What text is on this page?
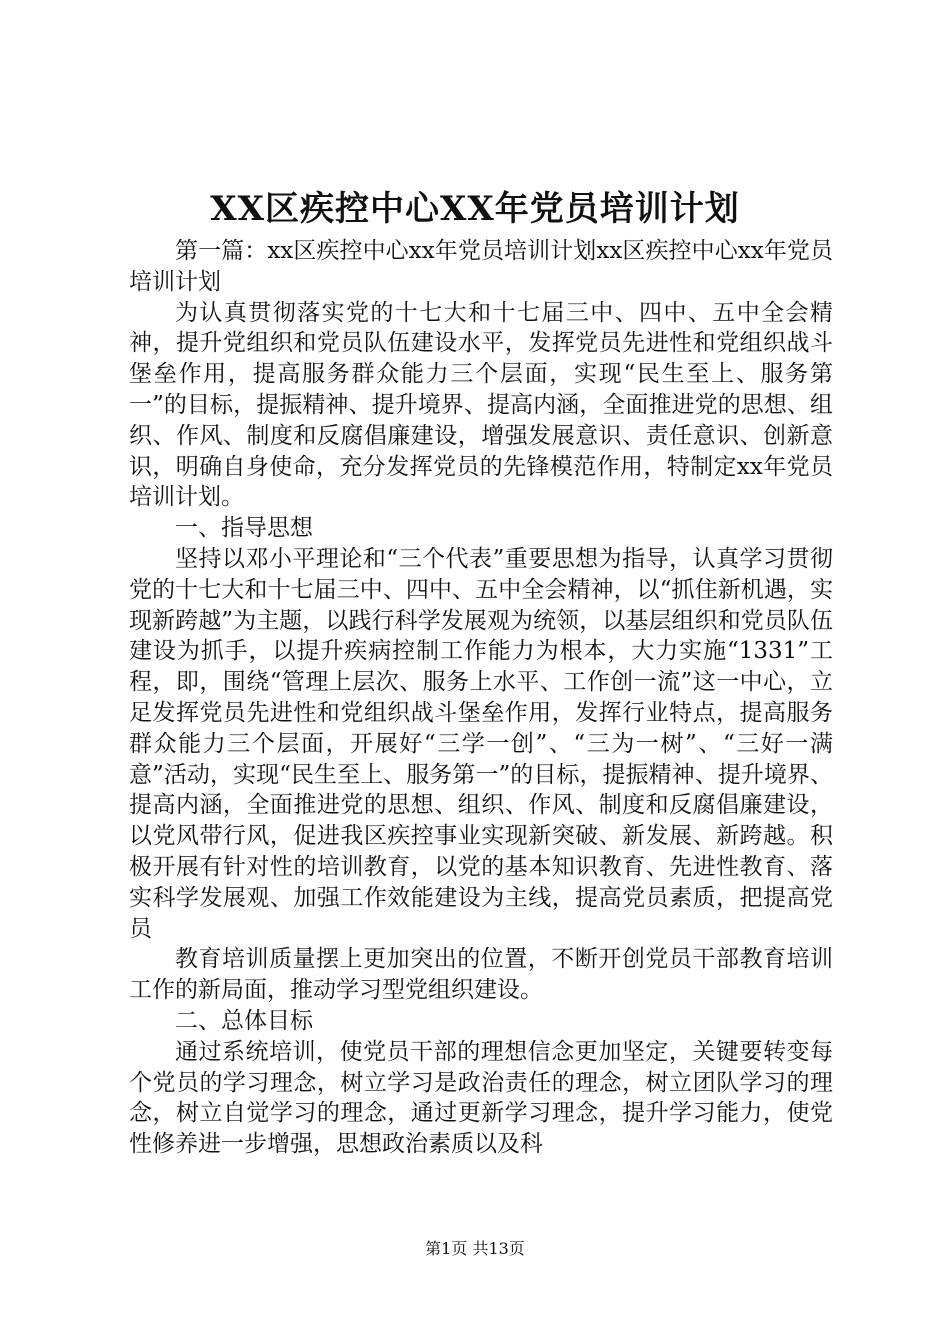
XX区疾控中心XX年党员培训计划

第一篇：xx区疾控中心xx年党员培训计划xx区疾控中心xx年党员培训计划

为认真贯彻落实党的十七大和十七届三中、四中、五中全会精神，提升党组织和党员队伍建设水平，发挥党员先进性和党组织战斗堡垒作用，提高服务群众能力三个层面，实现“民生至上、服务第一”的目标，提振精神、提升境界、提高内涵，全面推进党的思想、组织、作风、制度和反腐倡廉建设，增强发展意识、责任意识、创新意识，明确自身使命，充分发挥党员的先锋模范作用，特制定xx年党员培训计划。

一、指导思想

坚持以邓小平理论和“三个代表”重要思想为指导，认真学习贯彻党的十七大和十七届三中、四中、五中全会精神，以“抓住新机遇，实现新跨越”为主题，以践行科学发展观为统领，以基层组织和党员队伍建设为抓手，以提升疾病控制工作能力为根本，大力实施“1331”工程，即，围绕“管理上层次、服务上水平、工作创一流”这一中心，立足发挥党员先进性和党组织战斗堡垒作用，发挥行业特点，提高服务群众能力三个层面，开展好“三学一创”、“三为一树”、“三好一满意”活动，实现“民生至上、服务第一”的目标，提振精神、提升境界、提高内涵，全面推进党的思想、组织、作风、制度和反腐倡廉建设，以党风带行风，促进我区疾控事业实现新突破、新发展、新跨越。积极开展有针对性的培训教育，以党的基本知识教育、先进性教育、落实科学发展观、加强工作效能建设为主线，提高党员素质，把提高党员

教育培训质量摆上更加突出的位置，不断开创党员干部教育培训工作的新局面，推动学习型党组织建设。

二、总体目标

通过系统培训，使党员干部的理想信念更加坚定，关键要转变每个党员的学习理念，树立学习是政治责任的理念，树立团队学习的理念，树立自觉学习的理念，通过更新学习理念，提升学习能力，使党性修养进一步增强，思想政治素质以及科

第1页 共13页
